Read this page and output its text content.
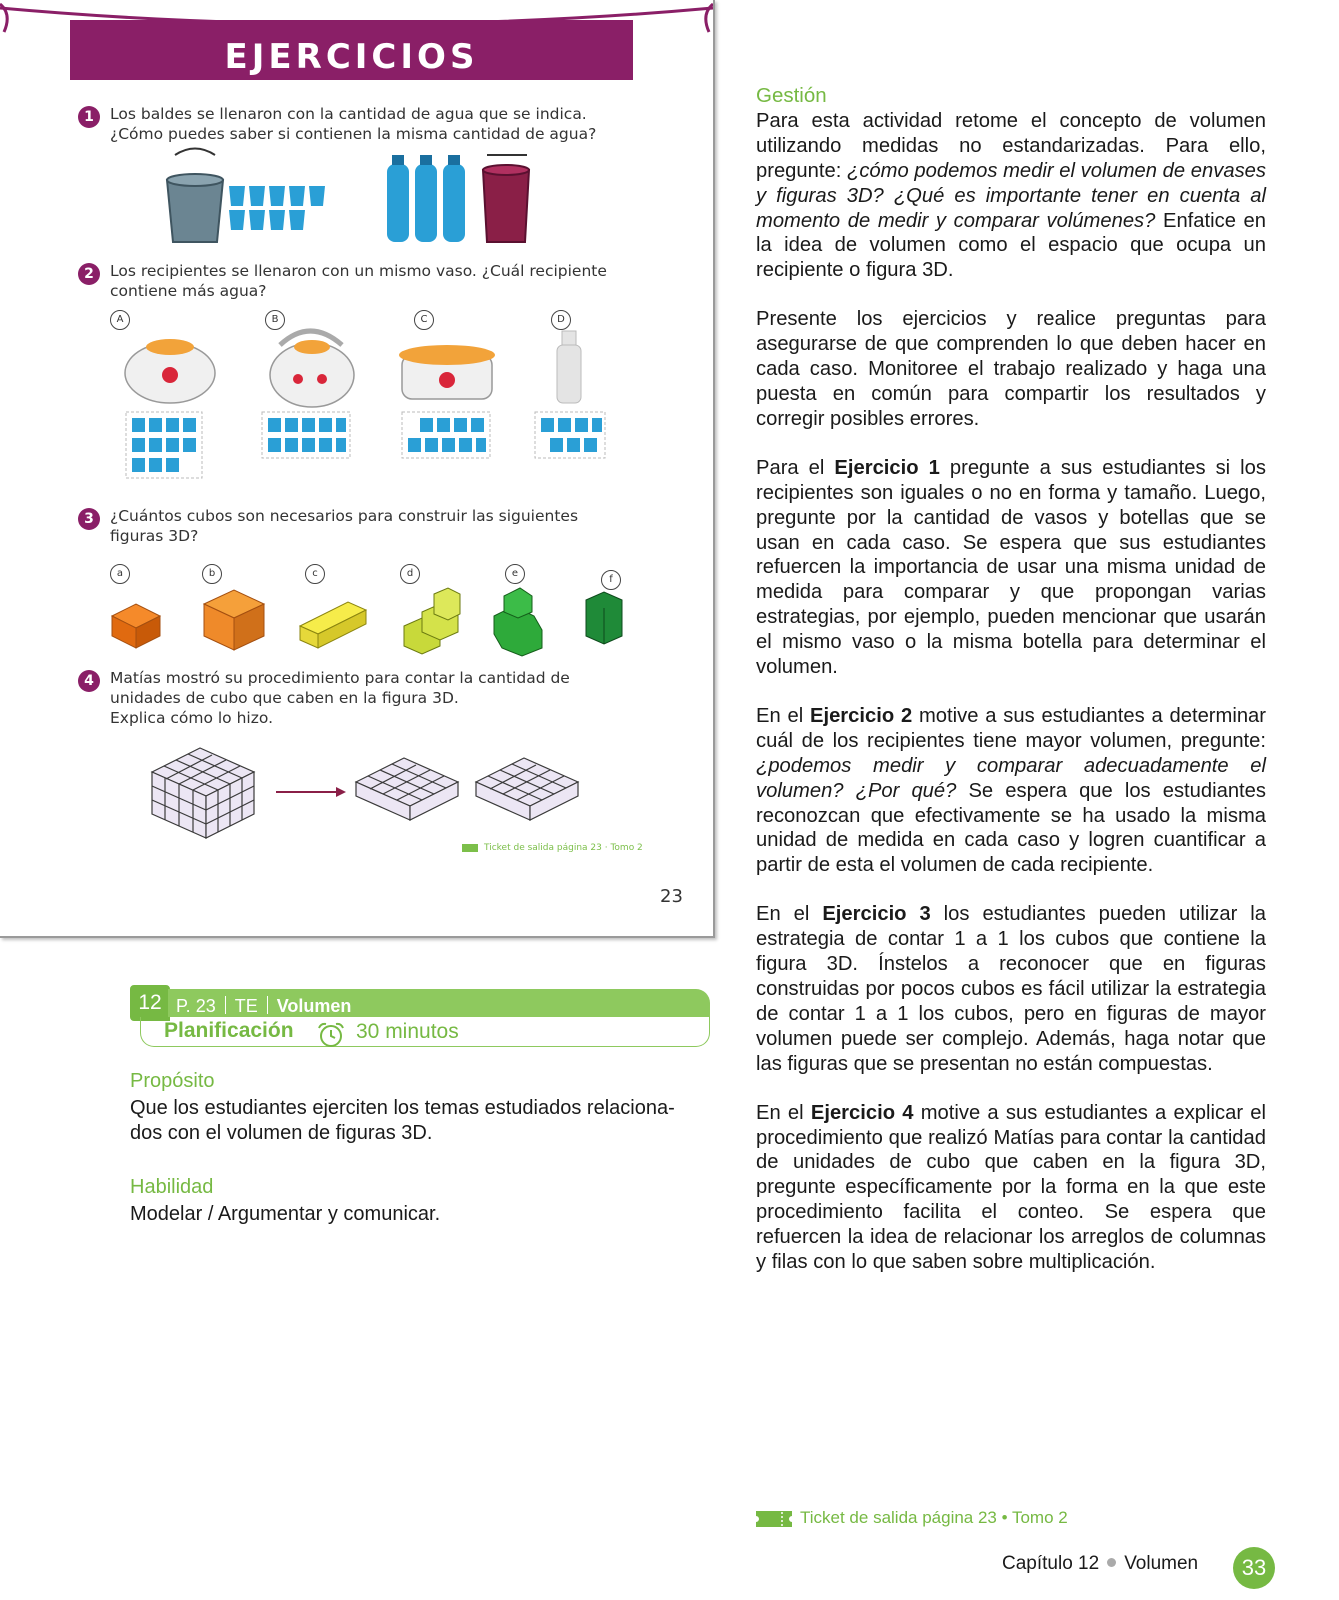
EJERCICIOS
1	Los baldes se llenaron con la cantidad de agua que se indica.
¿Cómo puedes saber si contienen la misma cantidad de agua?
2	Los recipientes se llenaron con un mismo vaso. ¿Cuál recipiente
contiene más agua?
A	B	C	D
3	¿Cuántos cubos son necesarios para construir las siguientes
figuras 3D?
a	b	c	d	e
f
4	Matías mostró su procedimiento para contar la cantidad de
unidades de cubo que caben en la figura 3D.
Explica cómo lo hizo.
Ticket de salida página 23 · Tomo 2
23
12 P. 23 TE Volumen
Planificación	30 minutos
Propósito
Que los estudiantes ejerciten los temas estudiados relaciona-
dos con el volumen de figuras 3D.
Habilidad
Modelar / Argumentar y comunicar.

Gestión

Para esta actividad retome el concepto de volumen utilizando medidas no estandarizadas. Para ello, pregunte: ¿cómo podemos medir el volumen de envases y figuras 3D? ¿Qué es importante tener en cuenta al momento de medir y comparar volúmenes? Enfatice en la idea de volumen como el espacio que ocupa un recipiente o figura 3D.

Presente los ejercicios y realice preguntas para asegurarse de que comprenden lo que deben hacer en cada caso. Monitoree el trabajo realizado y haga una puesta en común para compartir los resultados y corregir posibles errores.

Para el Ejercicio 1 pregunte a sus estudiantes si los recipientes son iguales o no en forma y tamaño. Luego, pregunte por la cantidad de vasos y botellas que se usan en cada caso. Se espera que sus estudiantes refuercen la importancia de usar una misma unidad de medida para comparar y que propongan varias estrategias, por ejemplo, pueden mencionar que usarán el mismo vaso o la misma botella para determinar el volumen.

En el Ejercicio 2 motive a sus estudiantes a determinar cuál de los recipientes tiene mayor volumen, pregunte: ¿podemos medir y comparar adecuadamente el volumen? ¿Por qué? Se espera que los estudiantes reconozcan que efectivamente se ha usado la misma unidad de medida en cada caso y logren cuantificar a partir de esta el volumen de cada recipiente.

En el Ejercicio 3 los estudiantes pueden utilizar la estrategia de contar 1 a 1 los cubos que contiene la figura 3D. Ínstelos a reconocer que en figuras construidas por pocos cubos es fácil utilizar la estrategia de contar 1 a 1 los cubos, pero en figuras de mayor volumen puede ser complejo. Además, haga notar que las figuras que se presentan no están compuestas.

En el Ejercicio 4 motive a sus estudiantes a explicar el procedimiento que realizó Matías para contar la cantidad de unidades de cubo que caben en la figura 3D, pregunte específicamente por la forma en la que este procedimiento facilita el conteo. Se espera que refuercen la idea de relacionar los arreglos de columnas y filas con lo que saben sobre multiplicación.

Ticket de salida página 23 • Tomo 2
Capítulo 12 Volumen	33
